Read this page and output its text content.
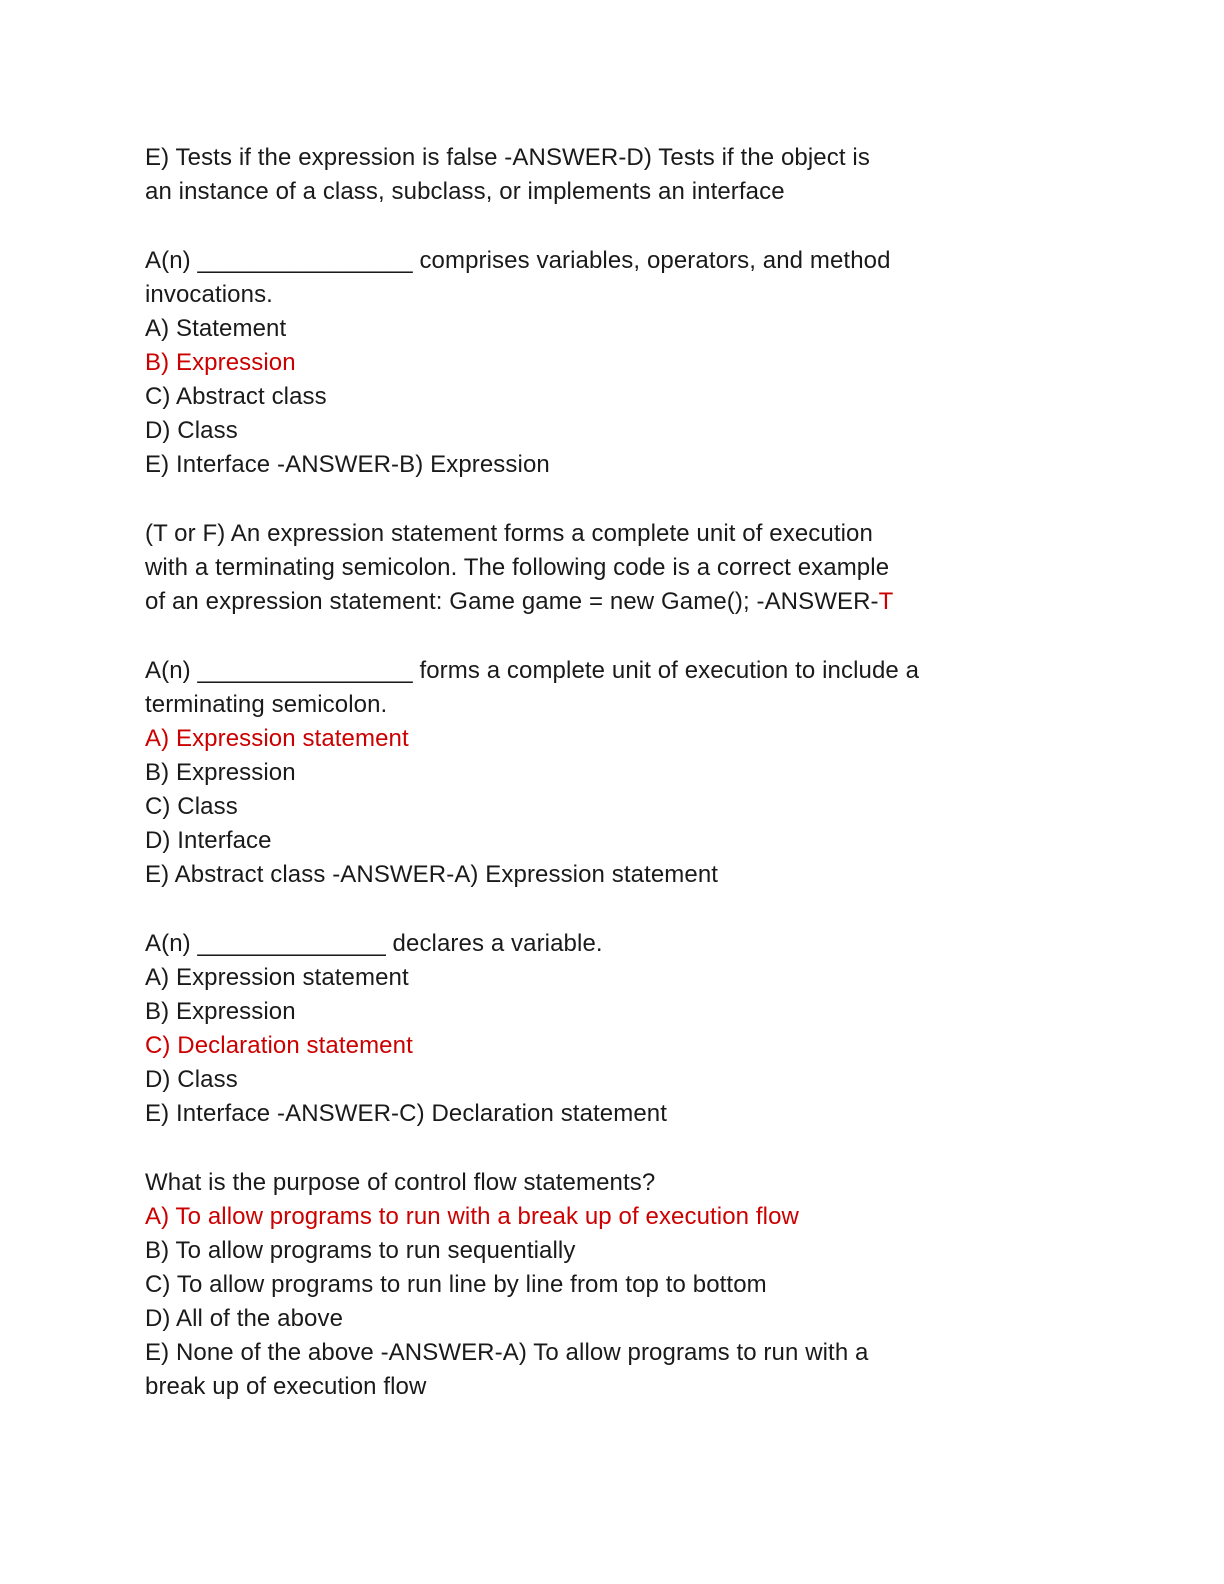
E) Tests if the expression is false -ANSWER-D) Tests if the object is
an instance of a class, subclass, or implements an interface
A(n) ________________ comprises variables, operators, and method
invocations.
A) Statement
B) Expression
C) Abstract class
D) Class
E) Interface -ANSWER-B) Expression
(T or F) An expression statement forms a complete unit of execution
with a terminating semicolon. The following code is a correct example
of an expression statement: Game game = new Game(); -ANSWER-T
A(n) ________________ forms a complete unit of execution to include a
terminating semicolon.
A) Expression statement
B) Expression
C) Class
D) Interface
E) Abstract class -ANSWER-A) Expression statement
A(n) ______________ declares a variable.
A) Expression statement
B) Expression
C) Declaration statement
D) Class
E) Interface -ANSWER-C) Declaration statement
What is the purpose of control flow statements?
A) To allow programs to run with a break up of execution flow
B) To allow programs to run sequentially
C) To allow programs to run line by line from top to bottom
D) All of the above
E) None of the above -ANSWER-A) To allow programs to run with a
break up of execution flow
